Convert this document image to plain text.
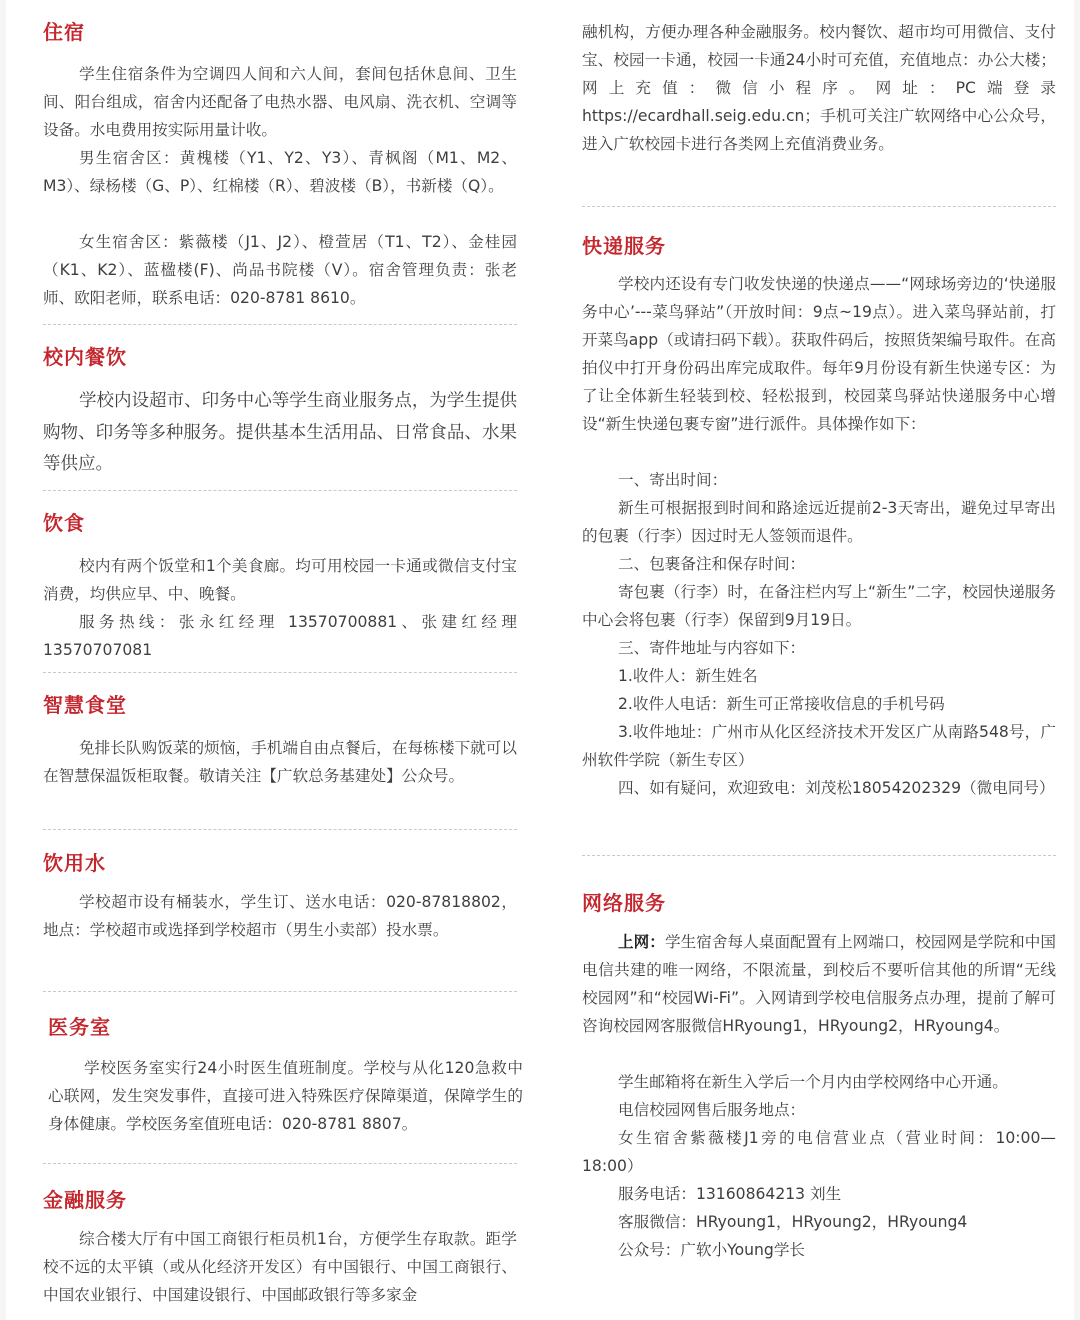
住宿

学生住宿条件为空调四人间和六人间，套间包括休息间、卫生间、阳台组成，宿舍内还配备了电热水器、电风扇、洗衣机、空调等设备。水电费用按实际用量计收。

男生宿舍区：黄槐楼（Y1、Y2、Y3）、青枫阁（M1、M2、M3）、绿杨楼（G、P）、红棉楼（R）、碧波楼（B），书新楼（Q）。

女生宿舍区：紫薇楼（J1、J2）、橙萱居（T1、T2）、金桂园（K1、K2）、蓝楹楼(F)、尚品书院楼（V）。宿舍管理负责：张老师、欧阳老师，联系电话：020-8781 8610。

校内餐饮

学校内设超市、印务中心等学生商业服务点，为学生提供购物、印务等多种服务。提供基本生活用品、日常食品、水果等供应。

饮食

校内有两个饭堂和1个美食廊。均可用校园一卡通或微信支付宝消费，均供应早、中、晚餐。

服务热线：张永红经理 13570700881、张建红经理13570707081

智慧食堂

免排长队购饭菜的烦恼，手机端自由点餐后，在每栋楼下就可以在智慧保温饭柜取餐。敬请关注【广软总务基建处】公众号。

饮用水

学校超市设有桶装水，学生订、送水电话：020-87818802，地点：学校超市或选择到学校超市（男生小卖部）投水票。

医务室

学校医务室实行24小时医生值班制度。学校与从化120急救中心联网，发生突发事件，直接可进入特殊医疗保障渠道，保障学生的身体健康。学校医务室值班电话：020-8781 8807。

金融服务

综合楼大厅有中国工商银行柜员机1台，方便学生存取款。距学校不远的太平镇（或从化经济开发区）有中国银行、中国工商银行、中国农业银行、中国建设银行、中国邮政银行等多家金

融机构，方便办理各种金融服务。校内餐饮、超市均可用微信、支付宝、校园一卡通，校园一卡通24小时可充值，充值地点：办公大楼；网上充值：微信小程序。网址：PC端登录https://ecardhall.seig.edu.cn；手机可关注广软网络中心公众号，进入广软校园卡进行各类网上充值消费业务。

快递服务

学校内还设有专门收发快递的快递点——“网球场旁边的‘快递服务中心’---菜鸟驿站”（开放时间：9点~19点）。进入菜鸟驿站前，打开菜鸟app（或请扫码下载）。获取件码后，按照货架编号取件。在高拍仪中打开身份码出库完成取件。每年9月份设有新生快递专区：为了让全体新生轻装到校、轻松报到，校园菜鸟驿站快递服务中心增设“新生快递包裹专窗”进行派件。具体操作如下：

一、寄出时间：

新生可根据报到时间和路途远近提前2-3天寄出，避免过早寄出的包裹（行李）因过时无人签领而退件。

二、包裹备注和保存时间：

寄包裹（行李）时，在备注栏内写上“新生”二字，校园快递服务中心会将包裹（行李）保留到9月19日。

三、寄件地址与内容如下：

1.收件人：新生姓名

2.收件人电话：新生可正常接收信息的手机号码

3.收件地址：广州市从化区经济技术开发区广从南路548号，广州软件学院（新生专区）

四、如有疑问，欢迎致电：刘茂松18054202329（微电同号）

网络服务

上网：学生宿舍每人桌面配置有上网端口，校园网是学院和中国电信共建的唯一网络，不限流量，到校后不要听信其他的所谓“无线校园网”和“校园Wi-Fi”。入网请到学校电信服务点办理，提前了解可咨询校园网客服微信HRyoung1，HRyoung2，HRyoung4。

学生邮箱将在新生入学后一个月内由学校网络中心开通。

电信校园网售后服务地点：

女生宿舍紫薇楼J1旁的电信营业点（营业时间：10:00—18:00）

服务电话：13160864213 刘生

客服微信：HRyoung1，HRyoung2，HRyoung4

公众号：广软小Young学长
